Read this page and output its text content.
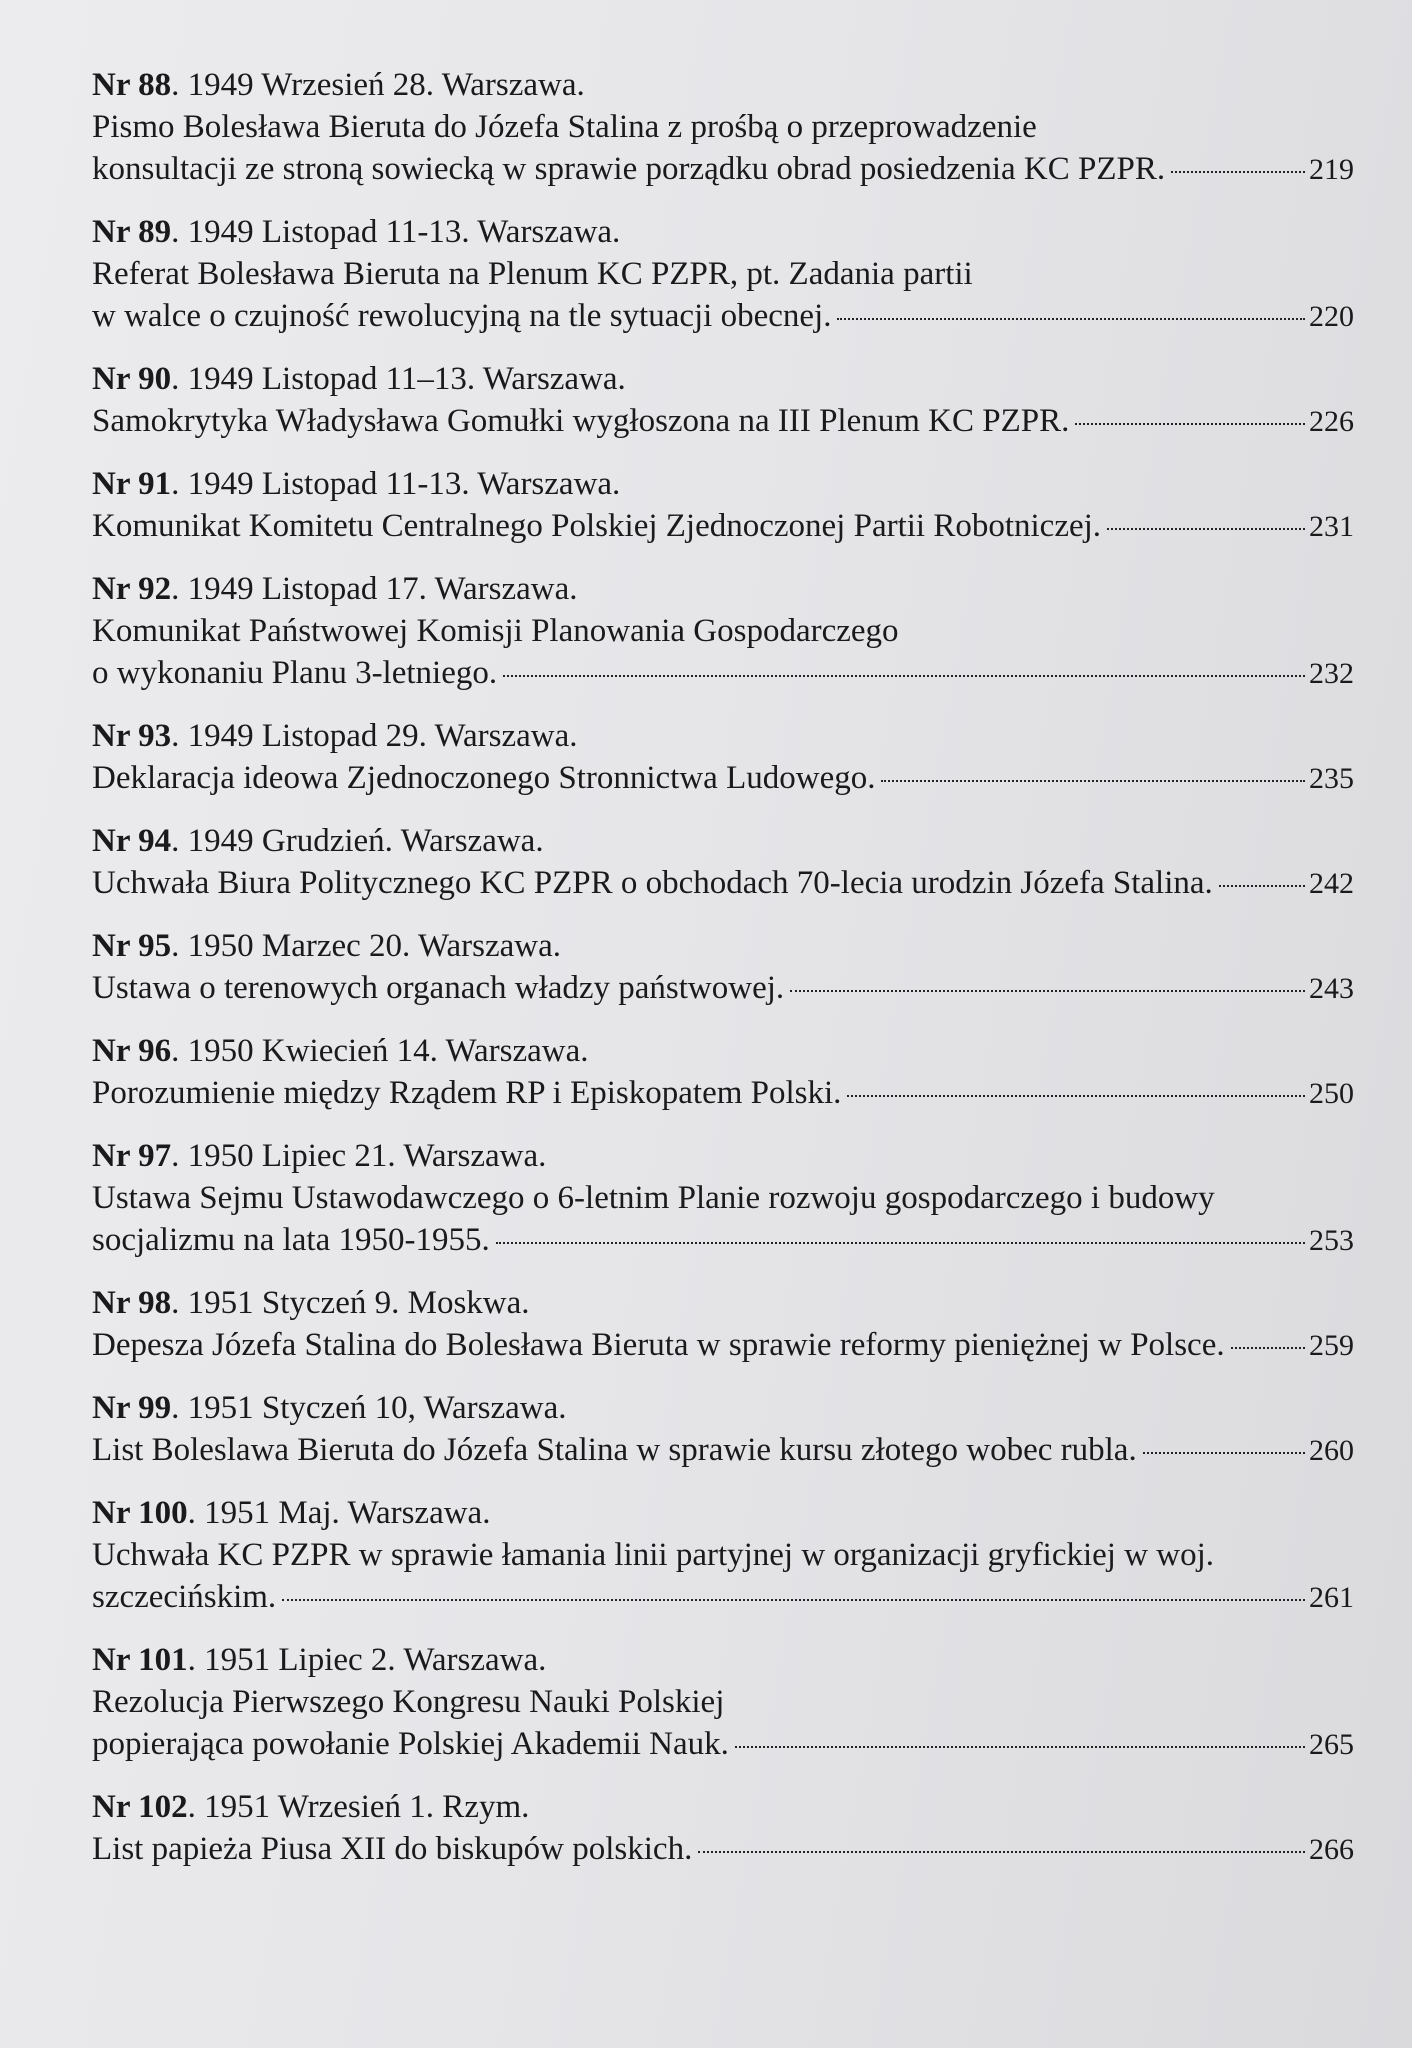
Nr 88. 1949 Wrzesień 28. Warszawa.
Pismo Bolesława Bieruta do Józefa Stalina z prośbą o przeprowadzenie
konsultacji ze stroną sowiecką w sprawie porządku obrad posiedzenia KC PZPR.	219
Nr 89. 1949 Listopad 11-13. Warszawa.
Referat Bolesława Bieruta na Plenum KC PZPR, pt. Zadania partii
w walce o czujność rewolucyjną na tle sytuacji obecnej.	220
Nr 90. 1949 Listopad 11–13. Warszawa.
Samokrytyka Władysława Gomułki wygłoszona na III Plenum KC PZPR.	226
Nr 91. 1949 Listopad 11-13. Warszawa.
Komunikat Komitetu Centralnego Polskiej Zjednoczonej Partii Robotniczej.	231
Nr 92. 1949 Listopad 17. Warszawa.
Komunikat Państwowej Komisji Planowania Gospodarczego
o wykonaniu Planu 3-letniego.	232
Nr 93. 1949 Listopad 29. Warszawa.
Deklaracja ideowa Zjednoczonego Stronnictwa Ludowego.	235
Nr 94. 1949 Grudzień. Warszawa.
Uchwała Biura Politycznego KC PZPR o obchodach 70-lecia urodzin Józefa Stalina.	242
Nr 95. 1950 Marzec 20. Warszawa.
Ustawa o terenowych organach władzy państwowej.	243
Nr 96. 1950 Kwiecień 14. Warszawa.
Porozumienie między Rządem RP i Episkopatem Polski.	250
Nr 97. 1950 Lipiec 21. Warszawa.
Ustawa Sejmu Ustawodawczego o 6-letnim Planie rozwoju gospodarczego i budowy
socjalizmu na lata 1950-1955.	253
Nr 98. 1951 Styczeń 9. Moskwa.
Depesza Józefa Stalina do Bolesława Bieruta w sprawie reformy pieniężnej w Polsce.	259
Nr 99. 1951 Styczeń 10, Warszawa.
List Boleslawa Bieruta do Józefa Stalina w sprawie kursu złotego wobec rubla.	260
Nr 100. 1951 Maj. Warszawa.
Uchwała KC PZPR w sprawie łamania linii partyjnej w organizacji gryfickiej w woj.
szczecińskim.	261
Nr 101. 1951 Lipiec 2. Warszawa.
Rezolucja Pierwszego Kongresu Nauki Polskiej
popierająca powołanie Polskiej Akademii Nauk.	265
Nr 102. 1951 Wrzesień 1. Rzym.
List papieża Piusa XII do biskupów polskich.	266
